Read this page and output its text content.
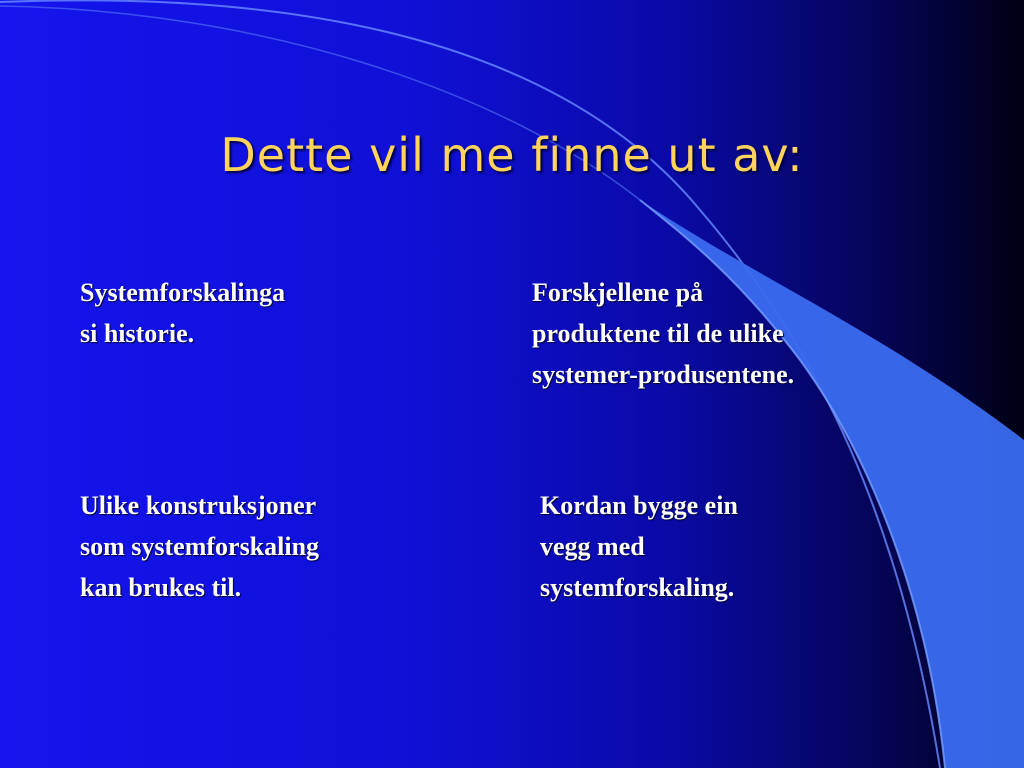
Dette vil me finne ut av:
Systemforskalinga
si historie.
Forskjellene på
produktene til de ulike
systemer-produsentene.
Ulike konstruksjoner
som systemforskaling
kan brukes til.
Kordan bygge ein
vegg med
systemforskaling.
